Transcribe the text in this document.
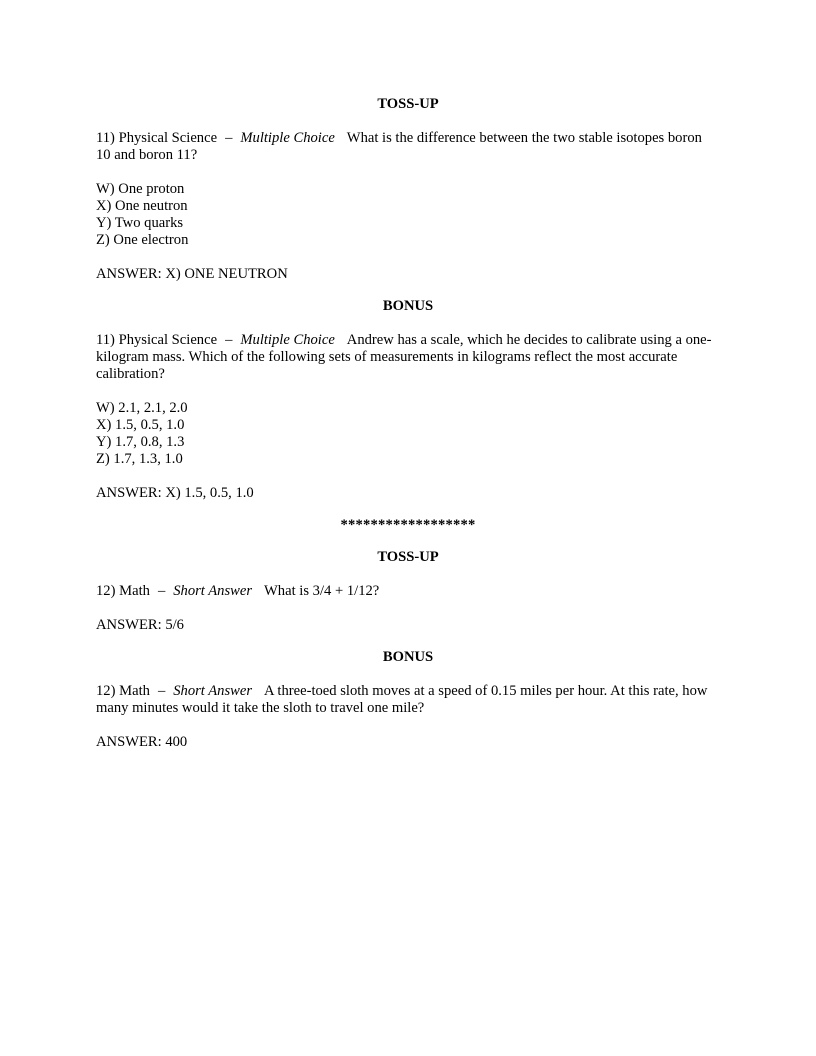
TOSS-UP

11) Physical Science – Multiple Choice What is the difference between the two stable isotopes boron 10 and boron 11?

W) One proton
X) One neutron
Y) Two quarks
Z) One electron

ANSWER: X) ONE NEUTRON

BONUS

11) Physical Science – Multiple Choice Andrew has a scale, which he decides to calibrate using a one-kilogram mass. Which of the following sets of measurements in kilograms reflect the most accurate calibration?

W) 2.1, 2.1, 2.0
X) 1.5, 0.5, 1.0
Y) 1.7, 0.8, 1.3
Z) 1.7, 1.3, 1.0

ANSWER: X) 1.5, 0.5, 1.0

******************

TOSS-UP

12) Math – Short Answer What is 3/4 + 1/12?

ANSWER: 5/6

BONUS

12) Math – Short Answer A three-toed sloth moves at a speed of 0.15 miles per hour. At this rate, how many minutes would it take the sloth to travel one mile?

ANSWER: 400
